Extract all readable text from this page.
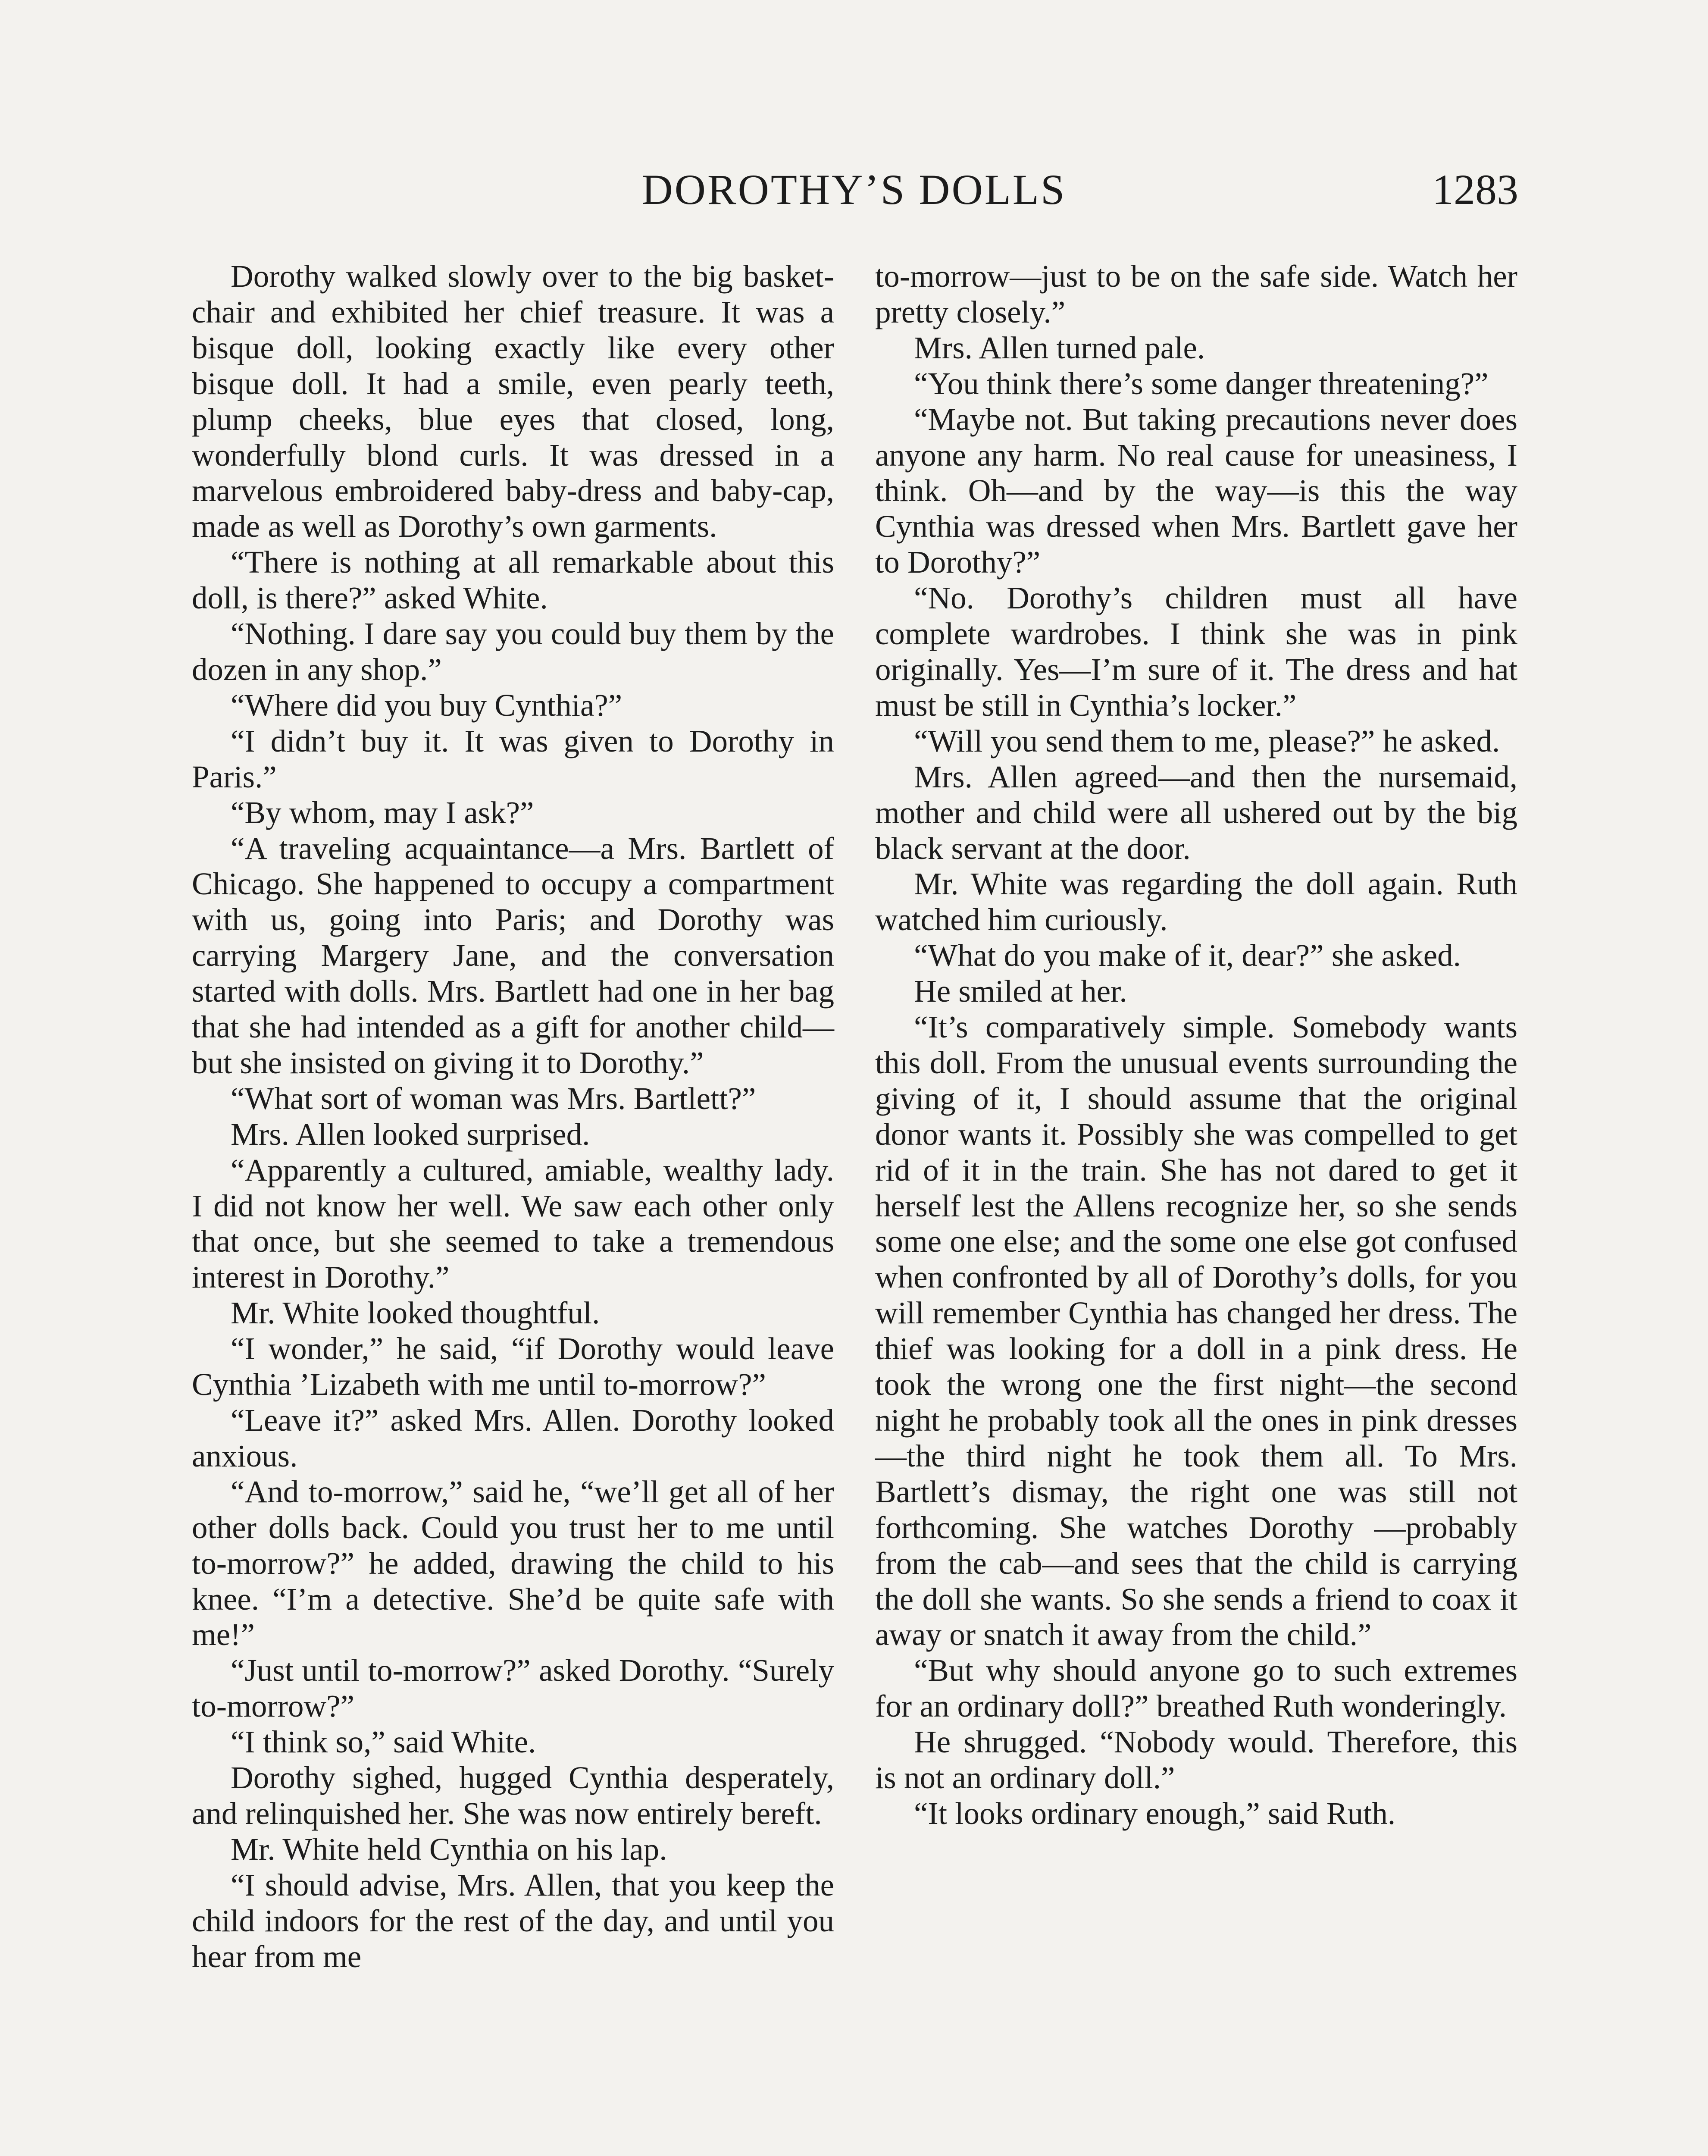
DOROTHY’S DOLLS	1283

Dorothy walked slowly over to the big basket-chair and exhibited her chief treasure. It was a bisque doll, looking exactly like every other bisque doll. It had a smile, even pearly teeth, plump cheeks, blue eyes that closed, long, wonderfully blond curls. It was dressed in a marvelous embroidered baby-dress and baby-cap, made as well as Dorothy’s own garments.

“There is nothing at all remarkable about this doll, is there?” asked White.

“Nothing. I dare say you could buy them by the dozen in any shop.”

“Where did you buy Cynthia?”

“I didn’t buy it. It was given to Dorothy in Paris.”

“By whom, may I ask?”

“A traveling acquaintance—a Mrs. Bartlett of Chicago. She happened to occupy a compartment with us, going into Paris; and Dorothy was carrying Margery Jane, and the conversation started with dolls. Mrs. Bartlett had one in her bag that she had intended as a gift for another child—but she insisted on giving it to Dorothy.”

“What sort of woman was Mrs. Bartlett?”

Mrs. Allen looked surprised.

“Apparently a cultured, amiable, wealthy lady. I did not know her well. We saw each other only that once, but she seemed to take a tremendous interest in Dorothy.”

Mr. White looked thoughtful.

“I wonder,” he said, “if Dorothy would leave Cynthia ’Lizabeth with me until to-morrow?”

“Leave it?” asked Mrs. Allen. Dorothy looked anxious.

“And to-morrow,” said he, “we’ll get all of her other dolls back. Could you trust her to me until to-morrow?” he added, drawing the child to his knee. “I’m a detective. She’d be quite safe with me!”

“Just until to-morrow?” asked Dorothy. “Surely to-morrow?”

“I think so,” said White.

Dorothy sighed, hugged Cynthia desperately, and relinquished her. She was now entirely bereft.

Mr. White held Cynthia on his lap.

“I should advise, Mrs. Allen, that you keep the child indoors for the rest of the day, and until you hear from me

to-morrow—just to be on the safe side. Watch her pretty closely.”

Mrs. Allen turned pale.

“You think there’s some danger threatening?”

“Maybe not. But taking precautions never does anyone any harm. No real cause for uneasiness, I think. Oh—and by the way—is this the way Cynthia was dressed when Mrs. Bartlett gave her to Dorothy?”

“No. Dorothy’s children must all have complete wardrobes. I think she was in pink originally. Yes—I’m sure of it. The dress and hat must be still in Cynthia’s locker.”

“Will you send them to me, please?” he asked.

Mrs. Allen agreed—and then the nursemaid, mother and child were all ushered out by the big black servant at the door.

Mr. White was regarding the doll again. Ruth watched him curiously.

“What do you make of it, dear?” she asked.

He smiled at her.

“It’s comparatively simple. Somebody wants this doll. From the unusual events surrounding the giving of it, I should assume that the original donor wants it. Possibly she was compelled to get rid of it in the train. She has not dared to get it herself lest the Allens recognize her, so she sends some one else; and the some one else got confused when confronted by all of Dorothy’s dolls, for you will remember Cynthia has changed her dress. The thief was looking for a doll in a pink dress. He took the wrong one the first night—the second night he probably took all the ones in pink dresses—the third night he took them all. To Mrs. Bartlett’s dismay, the right one was still not forthcoming. She watches Dorothy —probably from the cab—and sees that the child is carrying the doll she wants. So she sends a friend to coax it away or snatch it away from the child.”

“But why should anyone go to such extremes for an ordinary doll?” breathed Ruth wonderingly.

He shrugged. “Nobody would. Therefore, this is not an ordinary doll.”

“It looks ordinary enough,” said Ruth.
